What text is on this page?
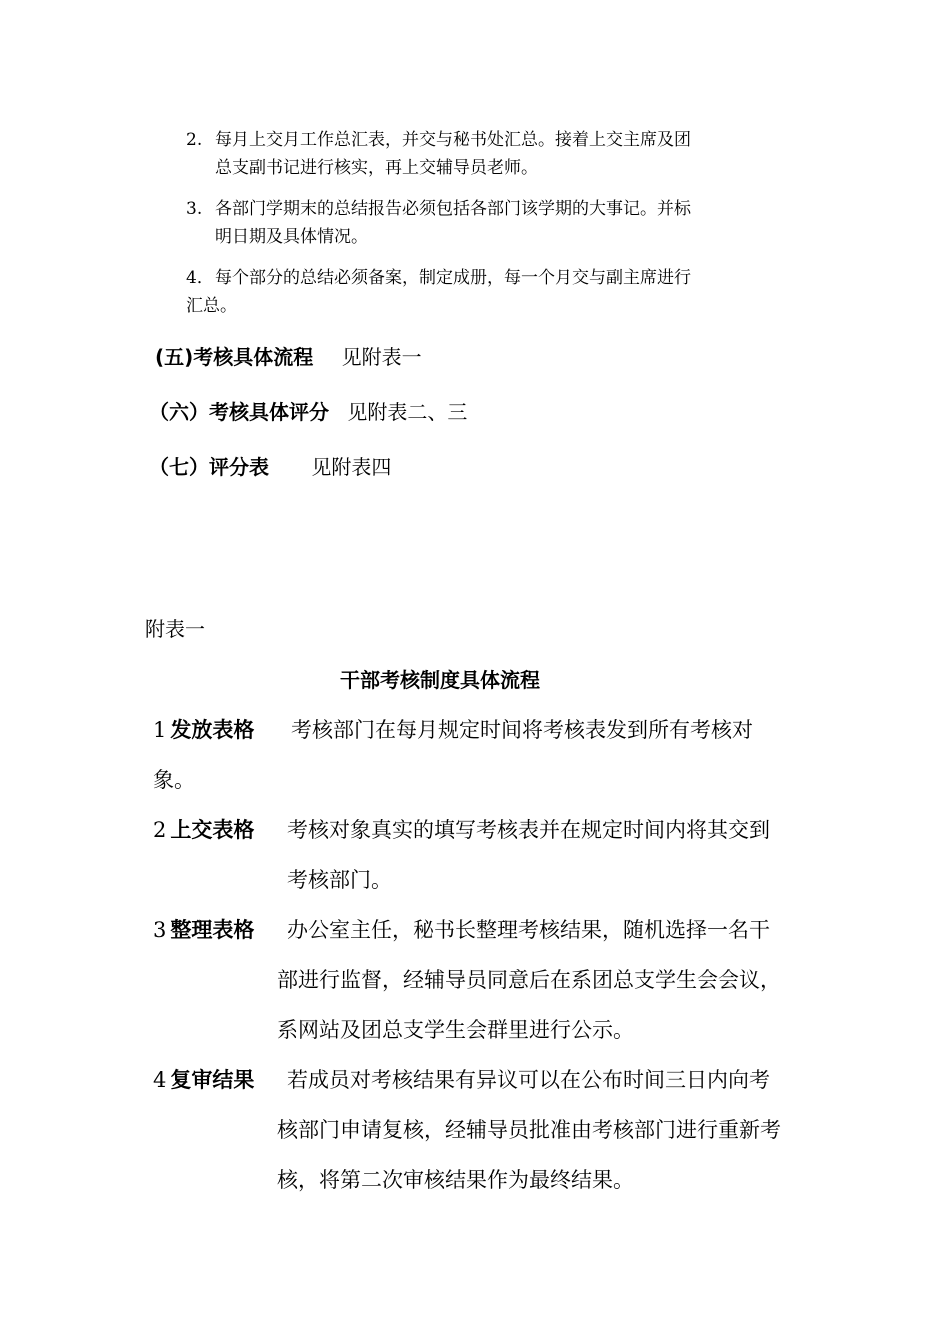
2. 每月上交月工作总汇表，并交与秘书处汇总。接着上交主席及团
总支副书记进行核实，再上交辅导员老师。
3. 各部门学期末的总结报告必须包括各部门该学期的大事记。并标
明日期及具体情况。
4． 每个部分的总结必须备案，制定成册，每一个月交与副主席进行
汇总。
(五)考核具体流程 见附表一
（六）考核具体评分 见附表二、三
（七）评分表 见附表四
附表一
干部考核制度具体流程
1 发放表格 考核部门在每月规定时间将考核表发到所有考核对
象。
2 上交表格 考核对象真实的填写考核表并在规定时间内将其交到
考核部门。
3 整理表格 办公室主任，秘书长整理考核结果，随机选择一名干
部进行监督，经辅导员同意后在系团总支学生会会议，
系网站及团总支学生会群里进行公示。
4 复审结果 若成员对考核结果有异议可以在公布时间三日内向考
核部门申请复核，经辅导员批准由考核部门进行重新考
核，将第二次审核结果作为最终结果。
